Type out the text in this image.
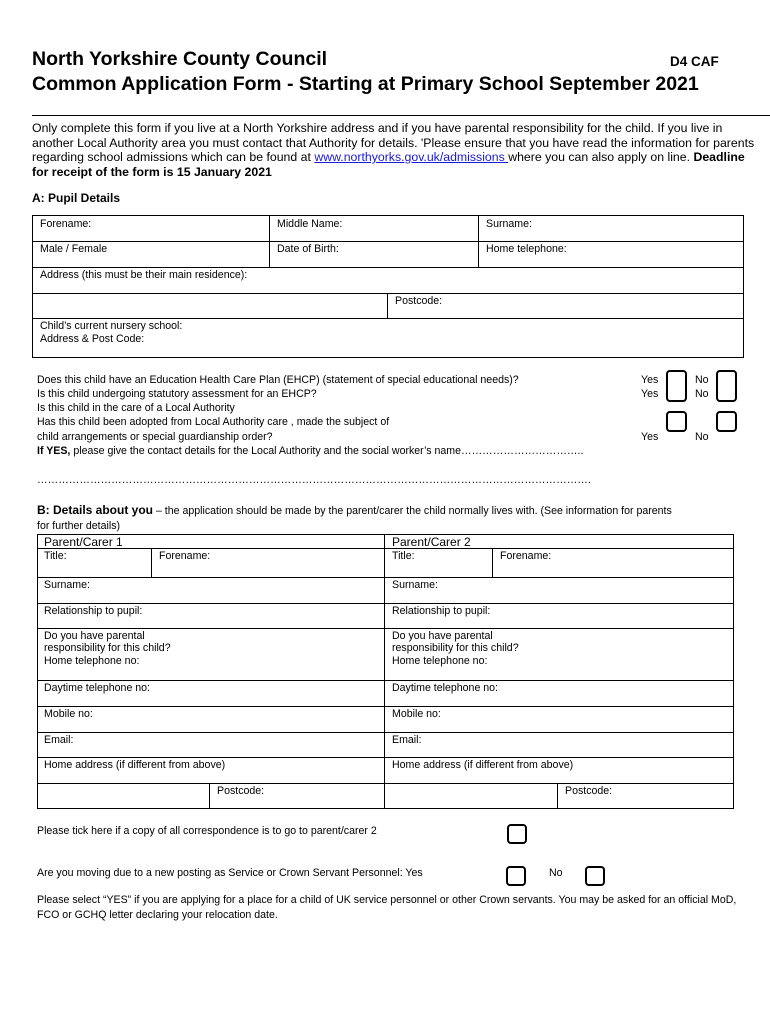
North Yorkshire County Council	D4 CAF
Common Application Form - Starting at Primary School September 2021
Only complete this form if you live at a North Yorkshire address and if you have parental responsibility for the child. If you live in another Local Authority area you must contact that Authority for details. 'Please ensure that you have read the information for parents regarding school admissions which can be found at www.northyorks.gov.uk/admissions where you can also apply on line. Deadline for receipt of the form is 15 January 2021
A: Pupil Details
Forename:	Middle Name:	Surname:
Male / Female	Date of Birth:	Home telephone:
Address (this must be their main residence):
Postcode:
Child’s current nursery school:
Address & Post Code:
Does this child have an Education Health Care Plan (EHCP) (statement of special educational needs)?
Is this child undergoing statutory assessment for an EHCP?
Is this child in the care of a Local Authority
Has this child been adopted from Local Authority care , made the subject of
child arrangements or special guardianship order?
If YES, please give the contact details for the Local Authority and the social worker’s name……………………………..
………………………………………………………………………………………………………………………………………….
Yes
Yes
No
No
Yes	No
B: Details about you – the application should be made by the parent/carer the child normally lives with. (See information for parents
for further details)
Parent/Carer 1	Parent/Carer 2
Title:	Forename:	Title:	Forename:
Surname:	Surname:
Relationship to pupil:	Relationship to pupil:
Do you have parental
responsibility for this child?
Home telephone no:
Do you have parental
responsibility for this child?
Home telephone no:
Daytime telephone no:	Daytime telephone no:
Mobile no:	Mobile no:
Email:	Email:
Home address (if different from above)	Home address (if different from above)
Postcode:	Postcode:
Please tick here if a copy of all correspondence is to go to parent/carer 2
Are you moving due to a new posting as Service or Crown Servant Personnel: Yes	No
Please select “YES” if you are applying for a place for a child of UK service personnel or other Crown servants. You may be asked for an official MoD, FCO or GCHQ letter declaring your relocation date.
